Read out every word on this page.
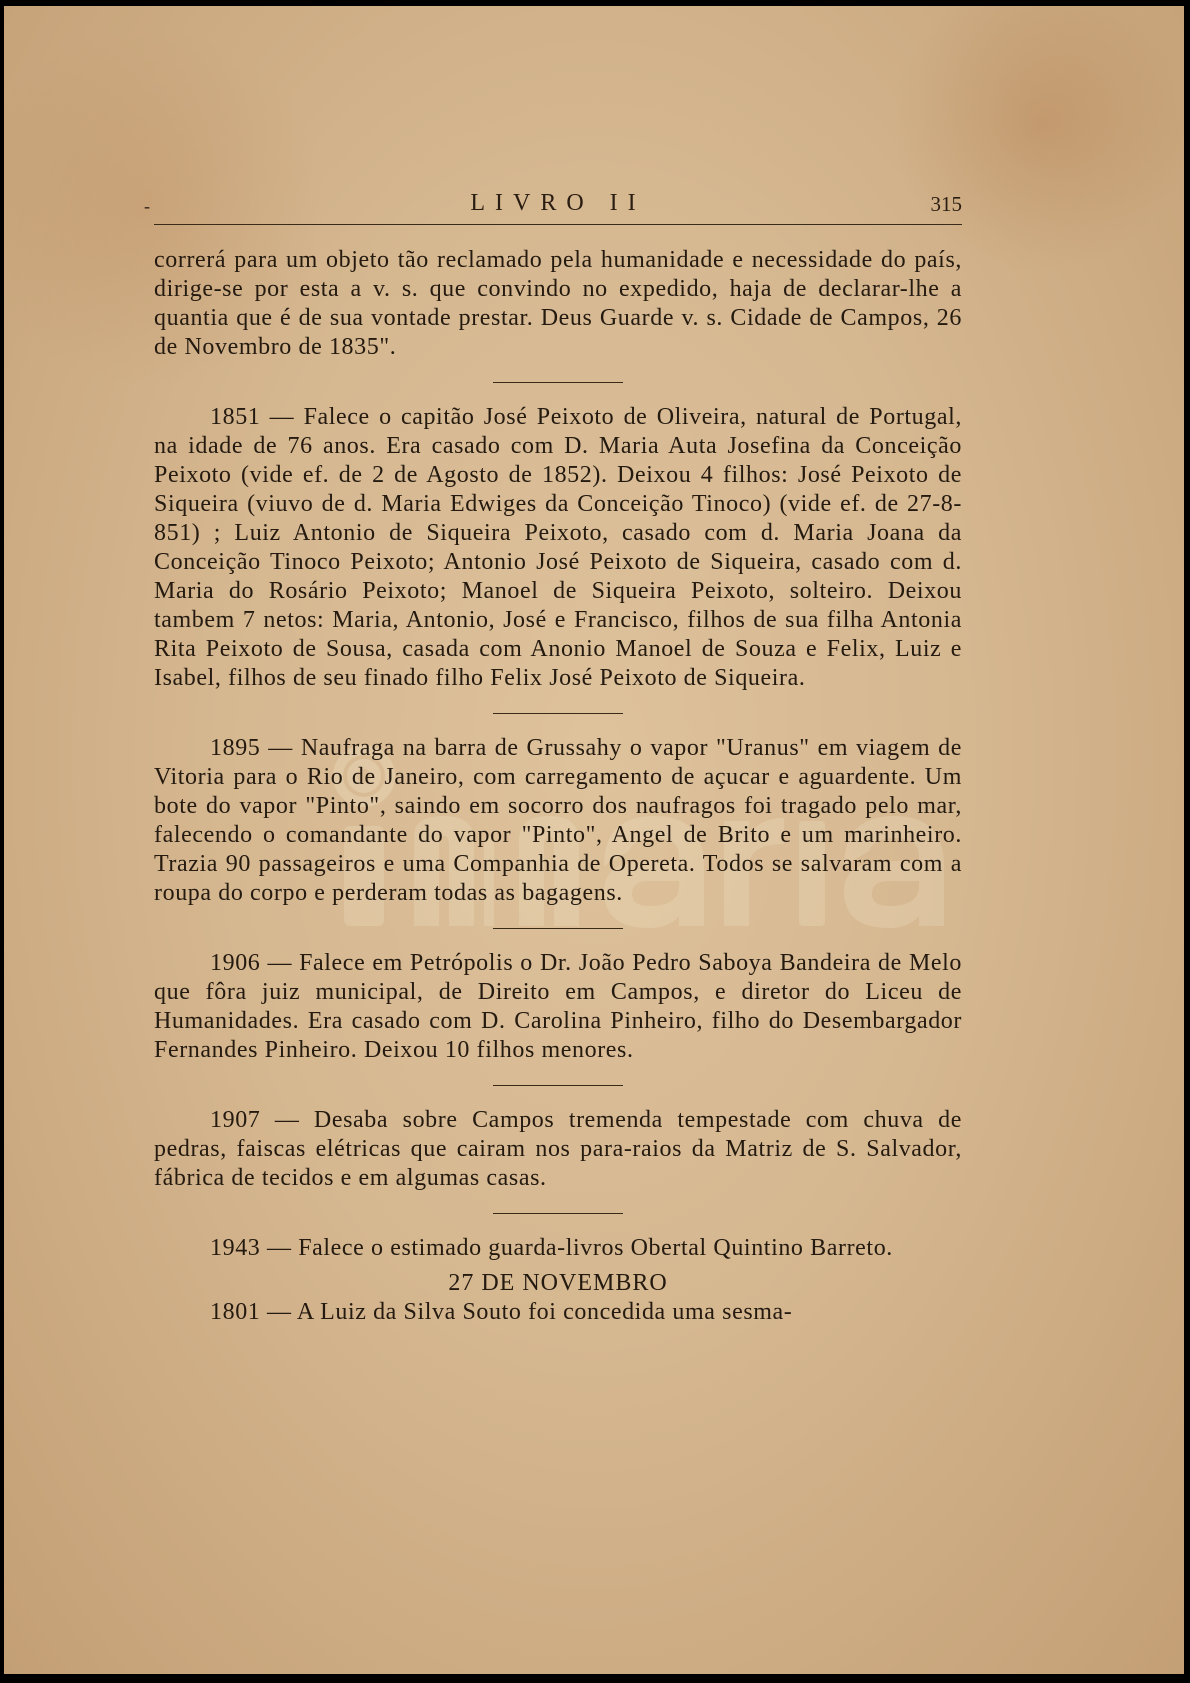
-	LIVRO II	315

correrá para um objeto tão reclamado pela humanidade e necessidade do país, dirige-se por esta a v. s. que convindo no expedido, haja de declarar-lhe a quantia que é de sua vontade prestar. Deus Guarde v. s. Cidade de Campos, 26 de Novembro de 1835".

1851 — Falece o capitão José Peixoto de Oliveira, natural de Portugal, na idade de 76 anos. Era casado com D. Maria Auta Josefina da Conceição Peixoto (vide ef. de 2 de Agosto de 1852). Deixou 4 filhos: José Peixoto de Siqueira (viuvo de d. Maria Edwiges da Conceição Tinoco) (vide ef. de 27-8-851) ; Luiz Antonio de Siqueira Peixoto, casado com d. Maria Joana da Conceição Tinoco Peixoto; Antonio José Peixoto de Siqueira, casado com d. Maria do Rosário Peixoto; Manoel de Siqueira Peixoto, solteiro. Deixou tambem 7 netos: Maria, Antonio, José e Francisco, filhos de sua filha Antonia Rita Peixoto de Sousa, casada com Anonio Manoel de Souza e Felix, Luiz e Isabel, filhos de seu finado filho Felix José Peixoto de Siqueira.

1895 — Naufraga na barra de Grussahy o vapor "Uranus" em viagem de Vitoria para o Rio de Janeiro, com carregamento de açucar e aguardente. Um bote do vapor "Pinto", saindo em socorro dos naufragos foi tragado pelo mar, falecendo o comandante do vapor "Pinto", Angel de Brito e um marinheiro. Trazia 90 passageiros e uma Companhia de Opereta. Todos se salvaram com a roupa do corpo e perderam todas as bagagens.

1906 — Falece em Petrópolis o Dr. João Pedro Saboya Bandeira de Melo que fôra juiz municipal, de Direito em Campos, e diretor do Liceu de Humanidades. Era casado com D. Carolina Pinheiro, filho do Desembargador Fernandes Pinheiro. Deixou 10 filhos menores.

1907 — Desaba sobre Campos tremenda tempestade com chuva de pedras, faiscas elétricas que cairam nos para-raios da Matriz de S. Salvador, fábrica de tecidos e em algumas casas.

1943 — Falece o estimado guarda-livros Obertal Quintino Barreto.

27 DE NOVEMBRO

1801 — A Luiz da Silva Souto foi concedida uma sesma-
